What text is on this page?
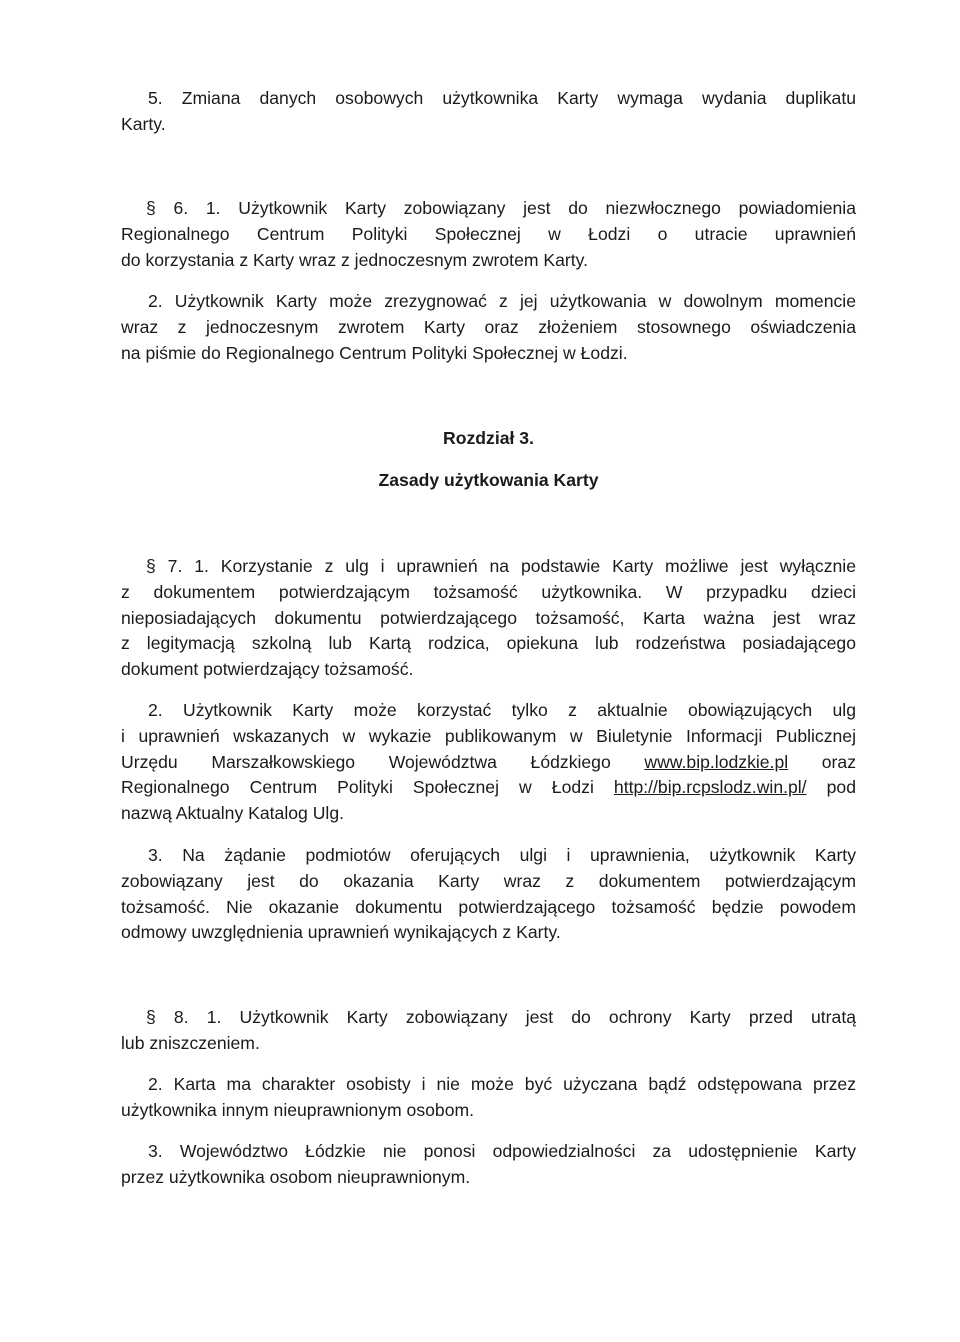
5. Zmiana danych osobowych użytkownika Karty wymaga wydania duplikatu

Karty.

§ 6. 1. Użytkownik Karty zobowiązany jest do niezwłocznego powiadomienia

Regionalnego Centrum Polityki Społecznej w Łodzi o utracie uprawnień
do korzystania z Karty wraz z jednoczesnym zwrotem Karty.

2. Użytkownik Karty może zrezygnować z jej użytkowania w dowolnym momencie

wraz z jednoczesnym zwrotem Karty oraz złożeniem stosownego oświadczenia
na piśmie do Regionalnego Centrum Polityki Społecznej w Łodzi.

Rozdział 3.
Zasady użytkowania Karty

§ 7. 1. Korzystanie z ulg i uprawnień na podstawie Karty możliwe jest wyłącznie

z dokumentem potwierdzającym tożsamość użytkownika. W przypadku dzieci
nieposiadających dokumentu potwierdzającego tożsamość, Karta ważna jest wraz
z legitymacją szkolną lub Kartą rodzica, opiekuna lub rodzeństwa posiadającego
dokument potwierdzający tożsamość.

2. Użytkownik Karty może korzystać tylko z aktualnie obowiązujących ulg

i uprawnień wskazanych w wykazie publikowanym w Biuletynie Informacji Publicznej
Urzędu Marszałkowskiego Województwa Łódzkiego www.bip.lodzkie.pl oraz
Regionalnego Centrum Polityki Społecznej w Łodzi http://bip.rcpslodz.win.pl/ pod
nazwą Aktualny Katalog Ulg.

3. Na żądanie podmiotów oferujących ulgi i uprawnienia, użytkownik Karty

zobowiązany jest do okazania Karty wraz z dokumentem potwierdzającym
tożsamość. Nie okazanie dokumentu potwierdzającego tożsamość będzie powodem
odmowy uwzględnienia uprawnień wynikających z Karty.

§ 8. 1. Użytkownik Karty zobowiązany jest do ochrony Karty przed utratą

lub zniszczeniem.

2. Karta ma charakter osobisty i nie może być użyczana bądź odstępowana przez

użytkownika innym nieuprawnionym osobom.

3. Województwo Łódzkie nie ponosi odpowiedzialności za udostępnienie Karty

przez użytkownika osobom nieuprawnionym.
